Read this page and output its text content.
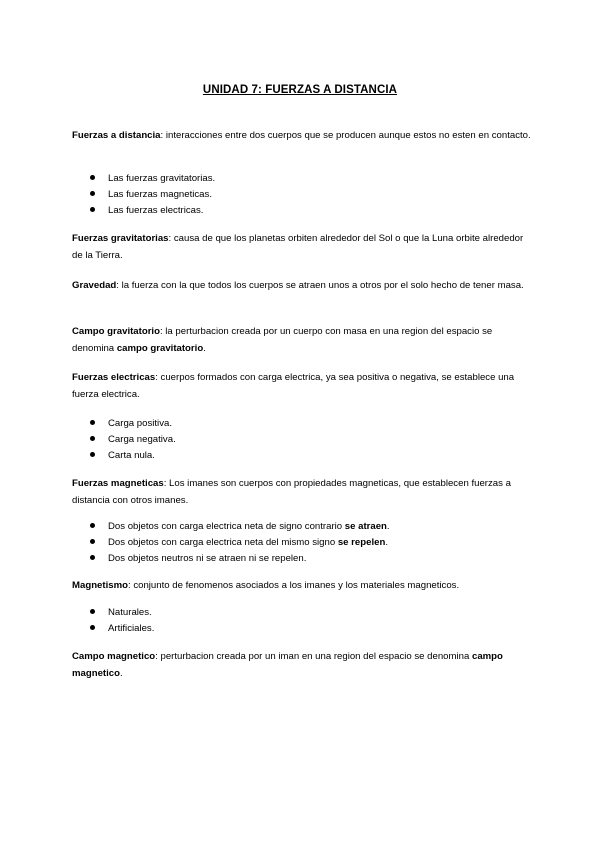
UNIDAD 7: FUERZAS A DISTANCIA
Fuerzas a distancia: interacciones entre dos cuerpos que se producen aunque estos no esten en contacto.
Las fuerzas gravitatorias.
Las fuerzas magneticas.
Las fuerzas electricas.
Fuerzas gravitatorias: causa de que los planetas orbiten alrededor del Sol o que la Luna orbite alrededor de la Tierra.
Gravedad: la fuerza con la que todos los cuerpos se atraen unos a otros por el solo hecho de tener masa.
Campo gravitatorio: la perturbacion creada por un cuerpo con masa en una region del espacio se denomina campo gravitatorio.
Fuerzas electricas: cuerpos formados con carga electrica, ya sea positiva o negativa, se establece una fuerza electrica.
Carga positiva.
Carga negativa.
Carta nula.
Fuerzas magneticas: Los imanes son cuerpos con propiedades magneticas, que establecen fuerzas a distancia con otros imanes.
Dos objetos con carga electrica neta de signo contrario se atraen.
Dos objetos con carga electrica neta del mismo signo se repelen.
Dos objetos neutros ni se atraen ni se repelen.
Magnetismo: conjunto de fenomenos asociados a los imanes y los materiales magneticos.
Naturales.
Artificiales.
Campo magnetico: perturbacion creada por un iman en una region del espacio se denomina campo magnetico.
